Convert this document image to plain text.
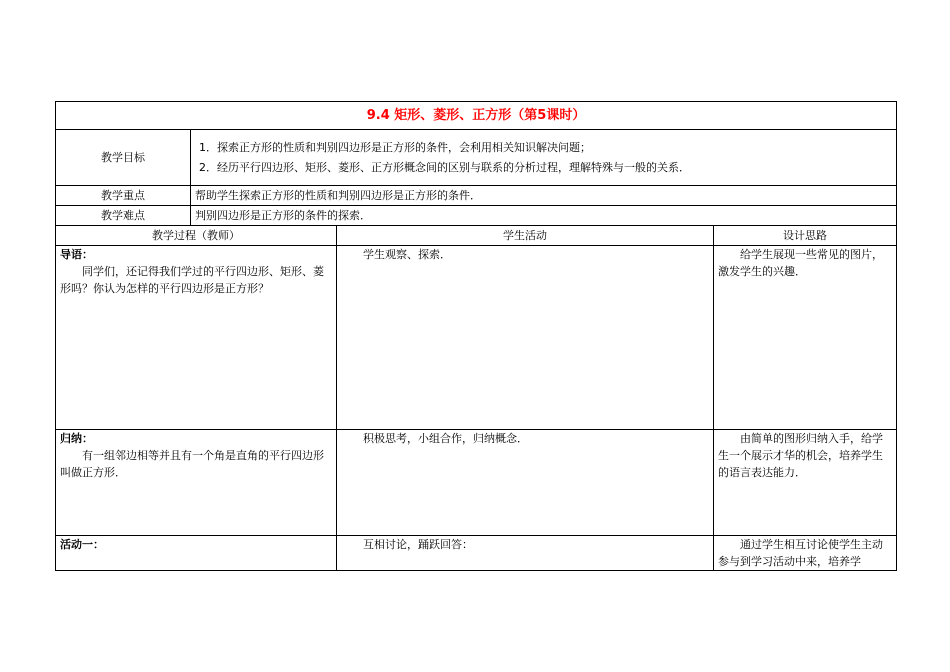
9.4 矩形、菱形、正方形（第5课时）			
教学目标	1．探索正方形的性质和判别四边形是正方形的条件，会利用相关知识解决问题；
2．经历平行四边形、矩形、菱形、正方形概念间的区别与联系的分析过程，理解特殊与一般的关系．		

教学重点	帮助学生探索正方形的性质和判别四边形是正方形的条件．		
教学难点	判别四边形是正方形的条件的探索．		
教学过程（教师）		学生活动	设计思路

导语：
同学们，还记得我们学过的平行四边形、矩形、菱形吗？你认为怎样的平行四边形是正方形？		学生观察、探索．	给学生展现一些常见的图片，激发学生的兴趣．

归纳：
有一组邻边相等并且有一个角是直角的平行四边形叫做正方形．		积极思考，小组合作，归纳概念．	由简单的图形归纳入手，给学生一个展示才华的机会，培养学生的语言表达能力．

活动一：		互相讨论，踊跃回答：	通过学生相互讨论使学生主动参与到学习活动中来，培养学
